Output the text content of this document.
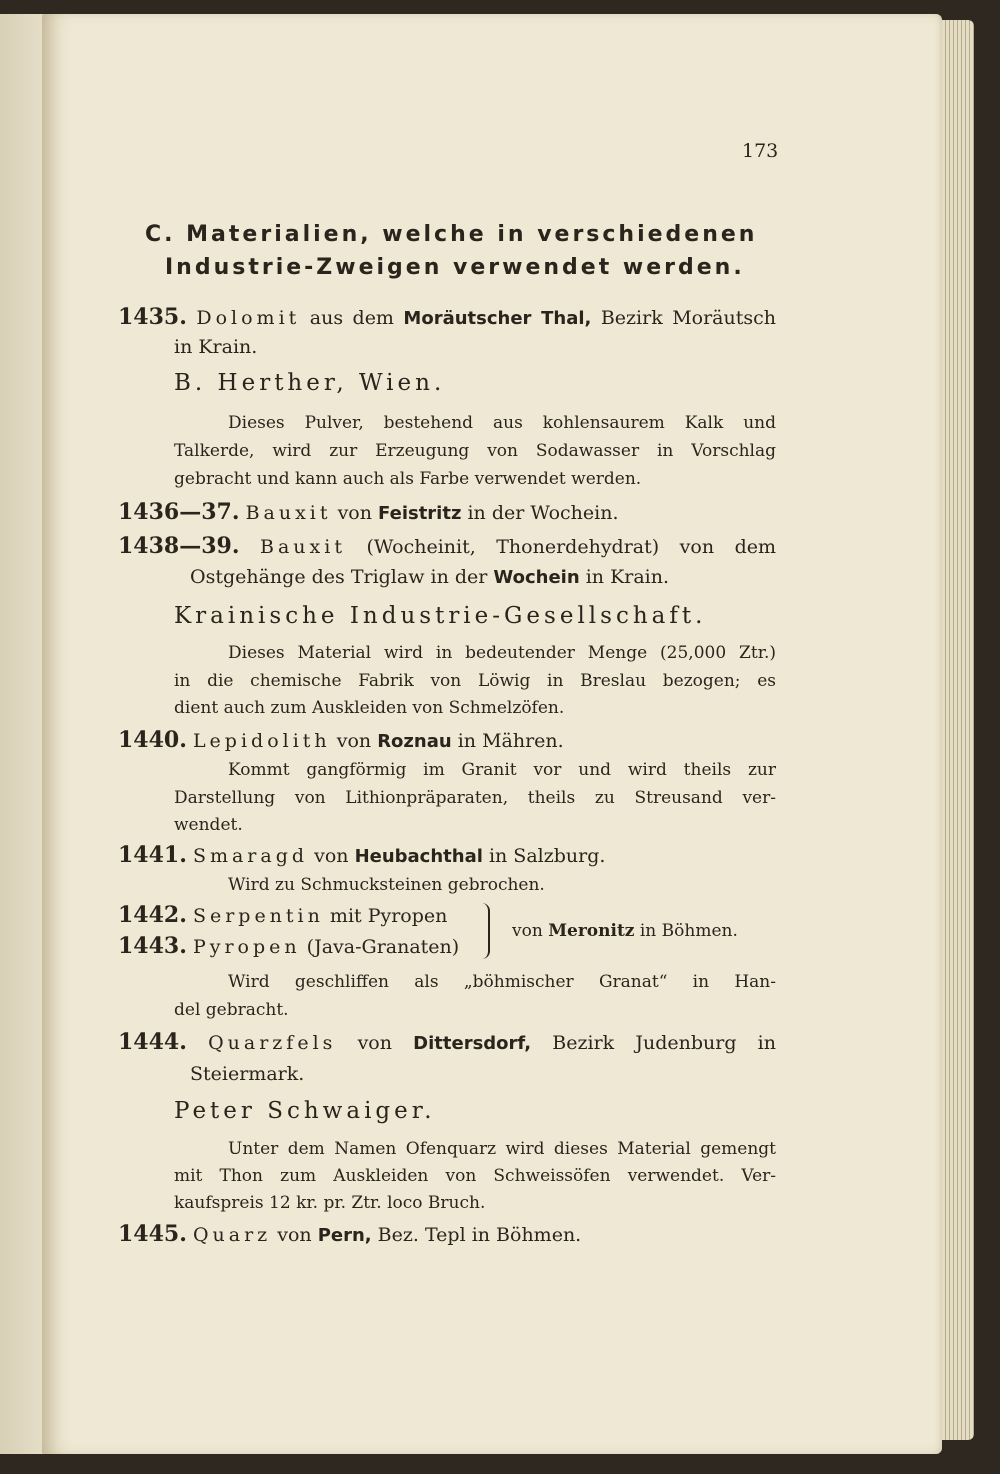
173
C. Materialien, welche in verschiedenen
Industrie-Zweigen verwendet werden.
1435. Dolomit aus dem Moräutscher Thal, Bezirk Moräutsch
in Krain.
B. Herther, Wien.
Dieses Pulver, bestehend aus kohlensaurem Kalk und
Talkerde, wird zur Erzeugung von Sodawasser in Vorschlag
gebracht und kann auch als Farbe verwendet werden.
1436—37. Bauxit von Feistritz in der Wochein.
1438—39. Bauxit (Wocheinit, Thonerdehydrat) von dem
Ostgehänge des Triglaw in der Wochein in Krain.
Krainische Industrie-Gesellschaft.
Dieses Material wird in bedeutender Menge (25,000 Ztr.)
in die chemische Fabrik von Löwig in Breslau bezogen; es
dient auch zum Auskleiden von Schmelzöfen.
1440. Lepidolith von Roznau in Mähren.
Kommt gangförmig im Granit vor und wird theils zur
Darstellung von Lithionpräparaten, theils zu Streusand ver-
wendet.
1441. Smaragd von Heubachthal in Salzburg.
Wird zu Schmucksteinen gebrochen.
1442. Serpentin mit Pyropen
1443. Pyropen (Java-Granaten)
von Meronitz in Böhmen.
Wird geschliffen als „böhmischer Granat“ in Han-
del gebracht.
1444. Quarzfels von Dittersdorf, Bezirk Judenburg in
Steiermark.
Peter Schwaiger.
Unter dem Namen Ofenquarz wird dieses Material gemengt
mit Thon zum Auskleiden von Schweissöfen verwendet. Ver-
kaufspreis 12 kr. pr. Ztr. loco Bruch.
1445. Quarz von Pern, Bez. Tepl in Böhmen.
